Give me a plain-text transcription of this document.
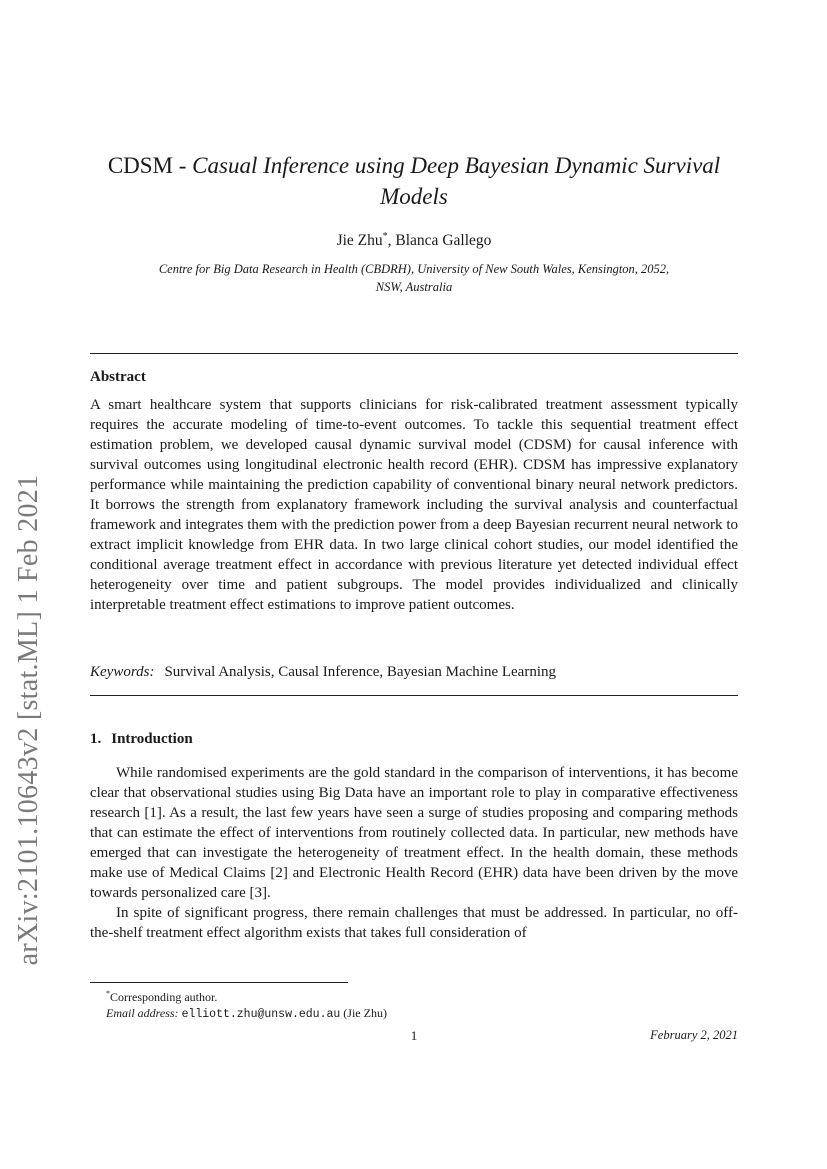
arXiv:2101.10643v2 [stat.ML] 1 Feb 2021
CDSM - Casual Inference using Deep Bayesian Dynamic Survival
Models
Jie Zhu*, Blanca Gallego
Centre for Big Data Research in Health (CBDRH), University of New South Wales, Kensington, 2052,
NSW, Australia
Abstract
A smart healthcare system that supports clinicians for risk-calibrated treatment assessment typically requires the accurate modeling of time-to-event outcomes. To tackle this sequential treatment effect estimation problem, we developed causal dynamic survival model (CDSM) for causal inference with survival outcomes using longitudinal electronic health record (EHR). CDSM has impressive explanatory performance while maintaining the prediction capability of conventional binary neural network predictors. It borrows the strength from explanatory framework including the survival analysis and counterfactual framework and integrates them with the prediction power from a deep Bayesian recurrent neural network to extract implicit knowledge from EHR data. In two large clinical cohort studies, our model identified the conditional average treatment effect in accordance with previous literature yet detected individual effect heterogeneity over time and patient subgroups. The model provides individualized and clinically interpretable treatment effect estimations to improve patient outcomes.
Keywords: Survival Analysis, Causal Inference, Bayesian Machine Learning
1. Introduction

While randomised experiments are the gold standard in the comparison of interventions, it has become clear that observational studies using Big Data have an important role to play in comparative effectiveness research [1]. As a result, the last few years have seen a surge of studies proposing and comparing methods that can estimate the effect of interventions from routinely collected data. In particular, new methods have emerged that can investigate the heterogeneity of treatment effect. In the health domain, these methods make use of Medical Claims [2] and Electronic Health Record (EHR) data have been driven by the move towards personalized care [3].

In spite of significant progress, there remain challenges that must be addressed. In particular, no off-the-shelf treatment effect algorithm exists that takes full consideration of

*Corresponding author.
Email address: elliott.zhu@unsw.edu.au (Jie Zhu)
1	February 2, 2021
